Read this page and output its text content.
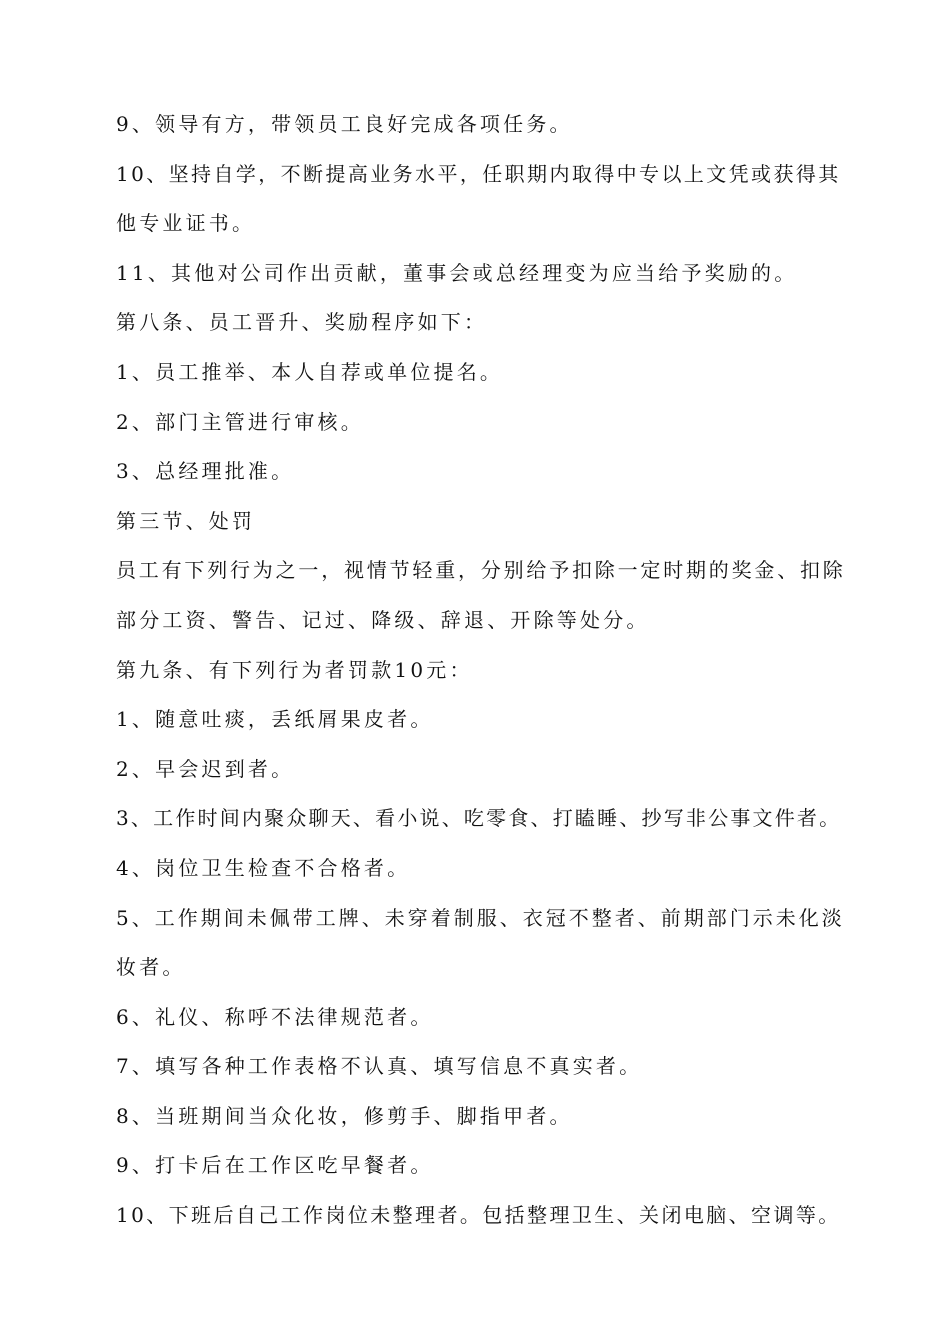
9、领导有方，带领员工良好完成各项任务。
10、坚持自学，不断提高业务水平，任职期内取得中专以上文凭或获得其
他专业证书。
11、其他对公司作出贡献，董事会或总经理变为应当给予奖励的。
第八条、员工晋升、奖励程序如下：
1、员工推举、本人自荐或单位提名。
2、部门主管进行审核。
3、总经理批准。
第三节、处罚
员工有下列行为之一，视情节轻重，分别给予扣除一定时期的奖金、扣除
部分工资、警告、记过、降级、辞退、开除等处分。
第九条、有下列行为者罚款10元：
1、随意吐痰，丢纸屑果皮者。
2、早会迟到者。
3、工作时间内聚众聊天、看小说、吃零食、打瞌睡、抄写非公事文件者。
4、岗位卫生检查不合格者。
5、工作期间未佩带工牌、未穿着制服、衣冠不整者、前期部门示未化淡
妆者。
6、礼仪、称呼不法律规范者。
7、填写各种工作表格不认真、填写信息不真实者。
8、当班期间当众化妆，修剪手、脚指甲者。
9、打卡后在工作区吃早餐者。
10、下班后自己工作岗位未整理者。包括整理卫生、关闭电脑、空调等。
